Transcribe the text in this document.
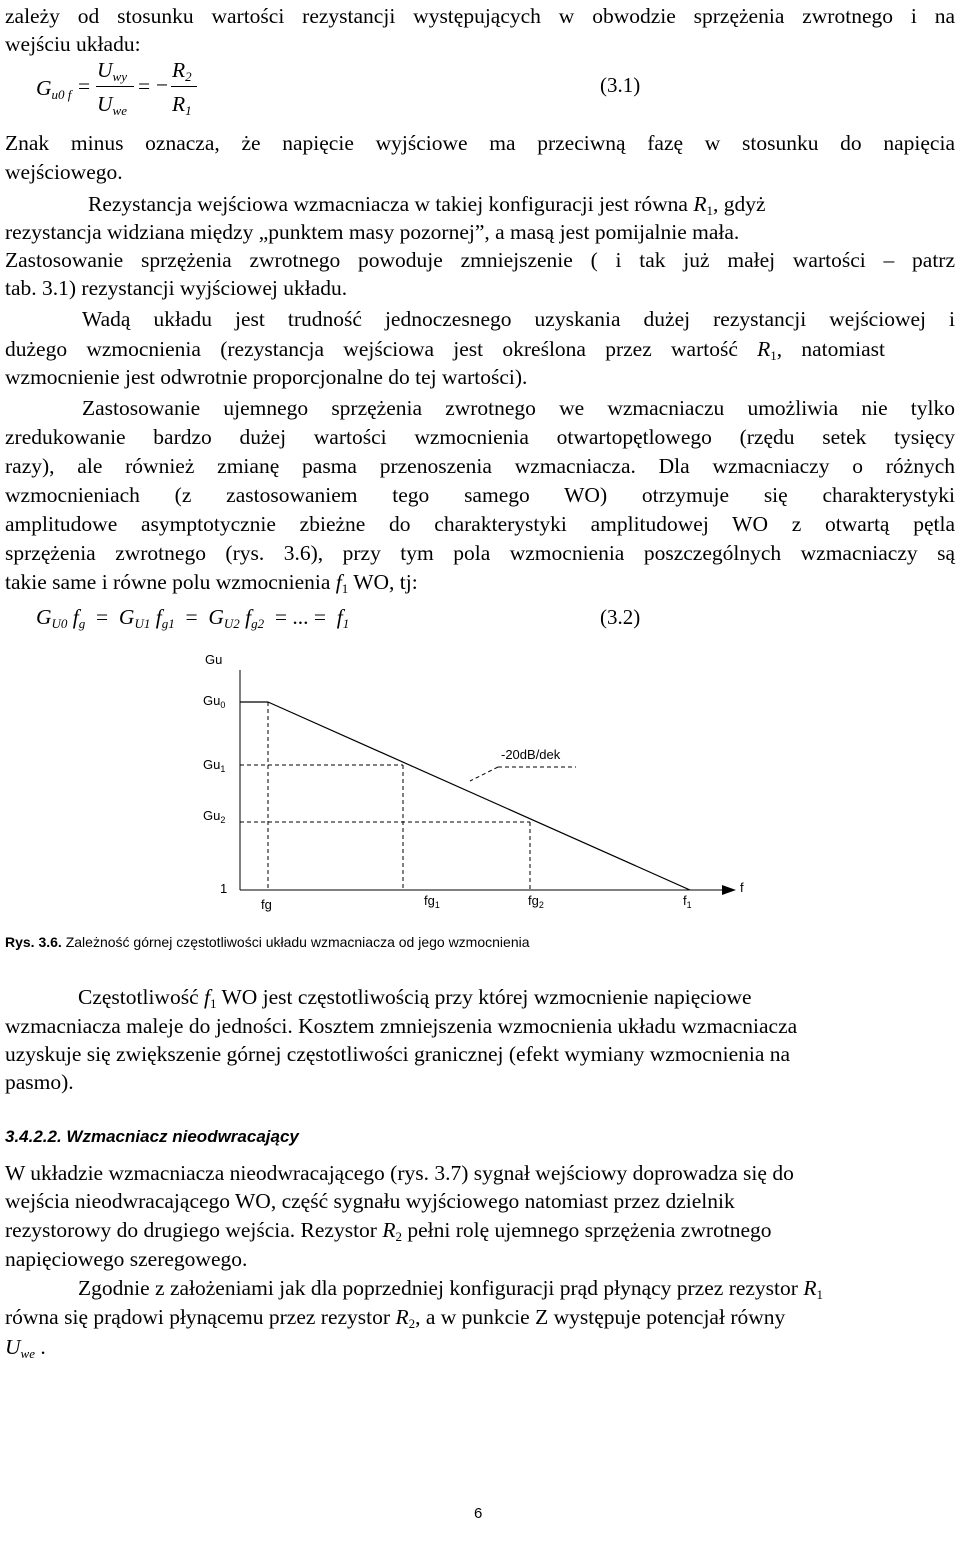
zależy od stosunku wartości rezystancji występujących w obwodzie sprzężenia zwrotnego i na
wejściu układu:
$G_{u0 f}$ =
$U_{wy}$
$U_{we}$
= −
$R_2$
$R_1$
(3.1)
Znak minus oznacza, że napięcie wyjściowe ma przeciwną fazę w stosunku do napięcia
wejściowego.
Rezystancja wejściowa wzmacniacza w takiej konfiguracji jest równa $R_1$, gdyż
rezystancja widziana między „punktem masy pozornej”, a masą jest pomijalnie mała.
Zastosowanie sprzężenia zwrotnego powoduje zmniejszenie ( i tak już małej wartości – patrz
tab. 3.1) rezystancji wyjściowej układu.
Wadą układu jest trudność jednoczesnego uzyskania dużej rezystancji wejściowej i
dużego wzmocnienia (rezystancja wejściowa jest określona przez wartość $R_1$, natomiast
wzmocnienie jest odwrotnie proporcjonalne do tej wartości).
Zastosowanie ujemnego sprzężenia zwrotnego we wzmacniaczu umożliwia nie tylko
zredukowanie bardzo dużej wartości wzmocnienia otwartopętlowego (rzędu setek tysięcy
razy), ale również zmianę pasma przenoszenia wzmacniacza. Dla wzmacniaczy o różnych
wzmocnieniach (z zastosowaniem tego samego WO) otrzymuje się charakterystyki
amplitudowe asymptotycznie zbieżne do charakterystyki amplitudowej WO z otwartą pętla
sprzężenia zwrotnego (rys. 3.6), przy tym pola wzmocnienia poszczególnych wzmacniaczy są
takie same i równe polu wzmocnienia $f_1$ WO, tj:
$G_{U0}$ $f_g = G_{U1}$ $f_{g1} = G_{U2}$ $f_{g2}$  = ... =  $f_1$	(3.2)
Gu
$Gu_0$
$Gu_1$
$Gu_2$
1
-20dB/dek
fg	$fg_1$	$fg_2$	$f_1$
f
Rys. 3.6. Zależność górnej częstotliwości układu wzmacniacza od jego wzmocnienia
Częstotliwość $f_1$ WO jest częstotliwością przy której wzmocnienie napięciowe
wzmacniacza maleje do jedności. Kosztem zmniejszenia wzmocnienia układu wzmacniacza
uzyskuje się zwiększenie górnej częstotliwości granicznej (efekt wymiany wzmocnienia na
pasmo).
3.4.2.2. Wzmacniacz nieodwracający
W układzie wzmacniacza nieodwracającego (rys. 3.7) sygnał wejściowy doprowadza się do
wejścia nieodwracającego WO, część sygnału wyjściowego natomiast przez dzielnik
rezystorowy do drugiego wejścia. Rezystor $R_2$ pełni rolę ujemnego sprzężenia zwrotnego
napięciowego szeregowego.
Zgodnie z założeniami jak dla poprzedniej konfiguracji prąd płynący przez rezystor $R_1$
równa się prądowi płynącemu przez rezystor $R_2$, a w punkcie Z występuje potencjał równy
$U_{we}$ .
6
